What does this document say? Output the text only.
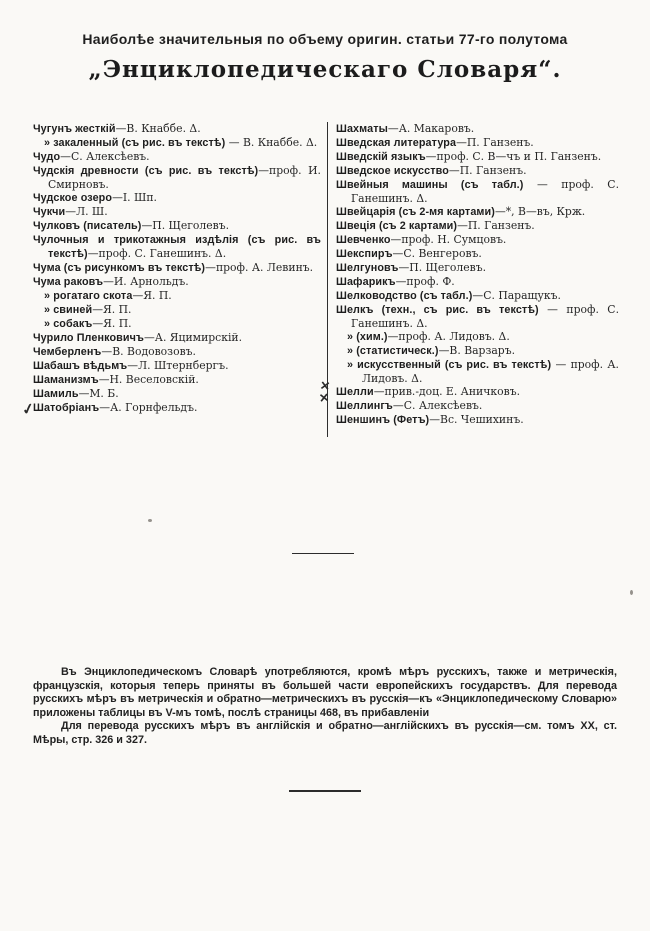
Наиболѣе значительныя по объему оригин. статьи 77-го полутома
„Энциклопедическаго Словаря“.
Чугунъ жесткій—В. Кнаббе. Δ.
» закаленный (съ рис. въ текстѣ) — В. Кнаббе. Δ.
Чудо—С. Алексѣевъ.
Чудскія древности (съ рис. въ текстѣ)—проф. И. Смирновъ.
Чудское озеро—I. Шп.
Чукчи—Л. Ш.
Чулковъ (писатель)—П. Щеголевъ.
Чулочныя и трикотажныя издѣлія (съ рис. въ текстѣ)—проф. С. Ганешинъ. Δ.
Чума (съ рисункомъ въ текстѣ)—проф. А. Левинъ.
Чума раковъ—И. Арнольдъ.
» рогатаго скота—Я. П.
» свиней—Я. П.
» собакъ—Я. П.
Чурило Пленковичъ—А. Яцимирскій.
Чемберленъ—В. Водовозовъ.
Шабашъ вѣдьмъ—Л. Штернбергъ.
Шаманизмъ—Н. Веселовскій.
Шамиль—М. Б.
Шатобріанъ—А. Горнфельдъ.
Шахматы—А. Макаровъ.
Шведская литература—П. Ганзенъ.
Шведскій языкъ—проф. С. В—чъ и П. Ганзенъ.
Шведское искусство—П. Ганзенъ.
Швейныя машины (съ табл.) — проф. С. Ганешинъ. Δ.
Швейцарія (съ 2-мя картами)—*, В—въ, Крж.
Швеція (съ 2 картами)—П. Ганзенъ.
Шевченко—проф. Н. Сумцовъ.
Шекспиръ—С. Венгеровъ.
Шелгуновъ—П. Щеголевъ.
Шафарикъ—проф. Ф.
Шелководство (съ табл.)—С. Паращукъ.
Шелкъ (техн., съ рис. въ текстѣ) — проф. С. Ганешинъ. Δ.
» (хим.)—проф. А. Лидовъ. Δ.
» (статистическ.)—В. Варзаръ.
» искусственный (съ рис. въ текстѣ) — проф. А. Лидовъ. Δ.
Шелли—прив.-доц. Е. Аничковъ.
Шеллингъ—С. Алексѣевъ.
Шеншинъ (Фетъ)—Вс. Чешихинъ.

Въ Энциклопедическомъ Словарѣ употребляются, кромѣ мѣръ русскихъ, также и метрическія, французскія, которыя теперь приняты въ большей части европейскихъ государствъ. Для перевода русскихъ мѣръ въ метрическія и обратно—метрическихъ въ русскія—къ «Энциклопедическому Словарю» приложены таблицы въ V-мъ томѣ, послѣ страницы 468, въ прибавленіи

Для перевода русскихъ мѣръ въ англійскія и обратно—англійскихъ въ русскія—см. томъ XX, ст. Мѣры, стр. 326 и 327.

✓
✕
✕
